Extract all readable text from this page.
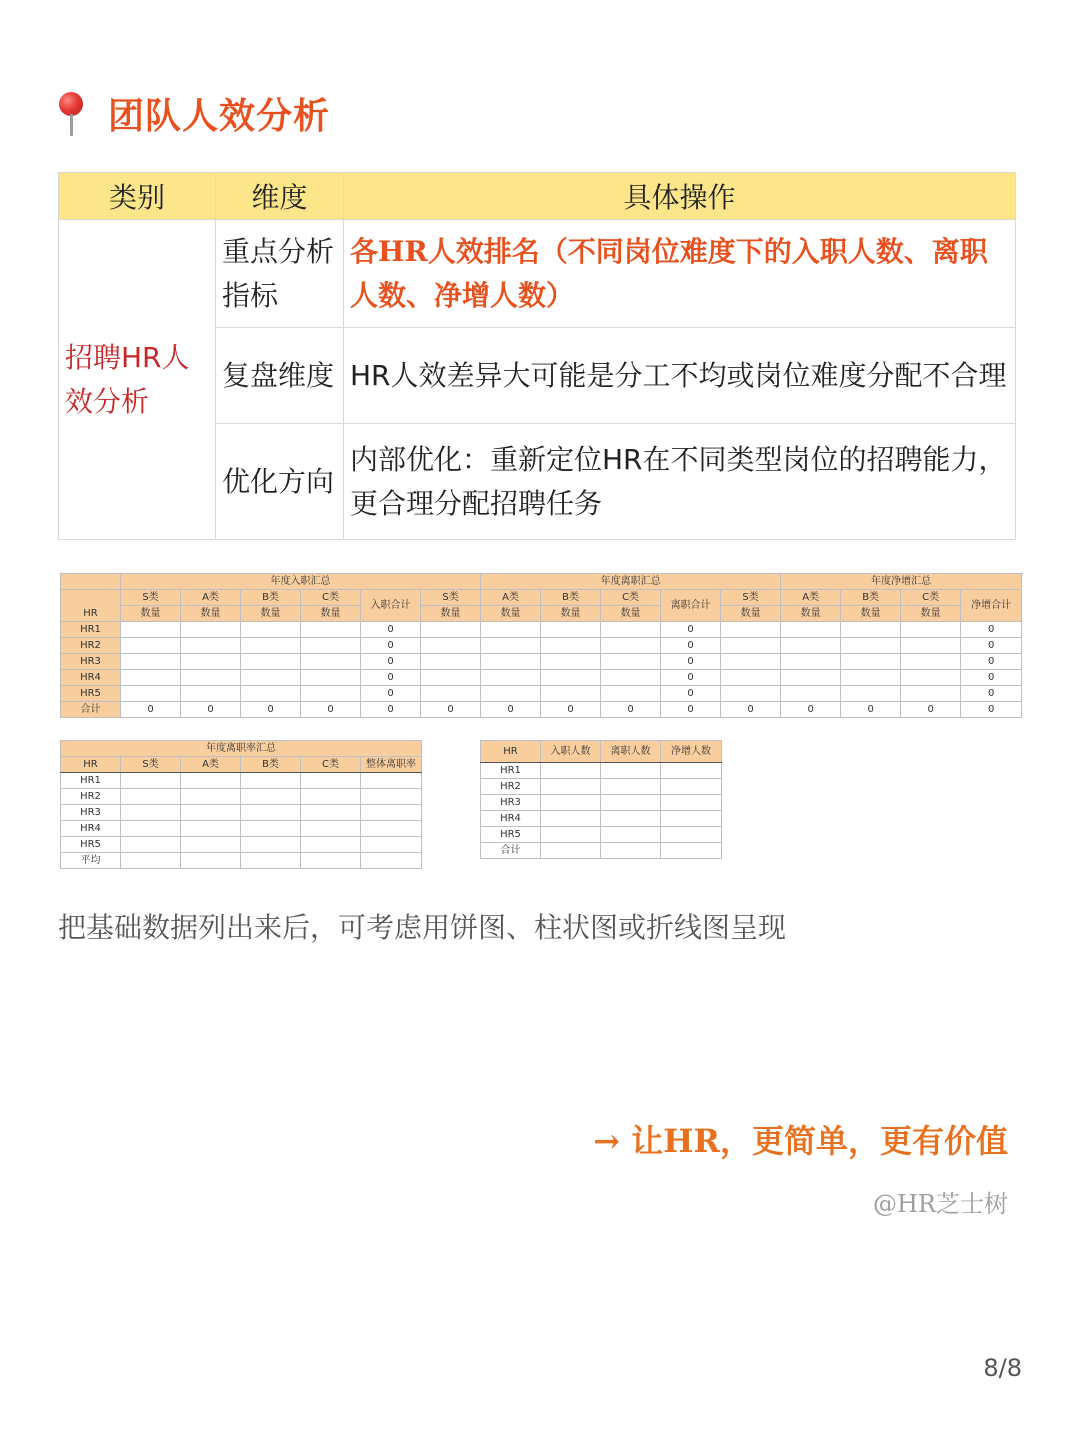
团队人效分析
类别	维度	具体操作
招聘HR人效分析	重点分析指标	各HR人效排名（不同岗位难度下的入职人数、离职人数、净增人数）
	复盘维度	HR人效差异大可能是分工不均或岗位难度分配不合理
	优化方向	内部优化：重新定位HR在不同类型岗位的招聘能力，更合理分配招聘任务
	年度入职汇总						年度离职汇总					年度净增汇总			
HR	S类	A类	B类	C类	入职合计	S类	A类	B类	C类	离职合计	S类	A类	B类	C类	净增合计
	数量	数量	数量	数量		数量	数量	数量	数量		数量	数量	数量	数量	
HR1					0					0					0
HR2					0					0					0
HR3					0					0					0
HR4					0					0					0
HR5					0					0					0
合计	0	0	0	0	0	0	0	0	0	0	0	0	0	0	0
年度离职率汇总					
HR	S类	A类	B类	C类	整体离职率
HR1					
HR2					
HR3					
HR4					
HR5					
平均					
HR	入职人数	离职人数	净增人数
HR1			
HR2			
HR3			
HR4			
HR5			
合计			
把基础数据列出来后，可考虑用饼图、柱状图或折线图呈现
→ 让HR，更简单，更有价值
@HR芝士树
8/8
